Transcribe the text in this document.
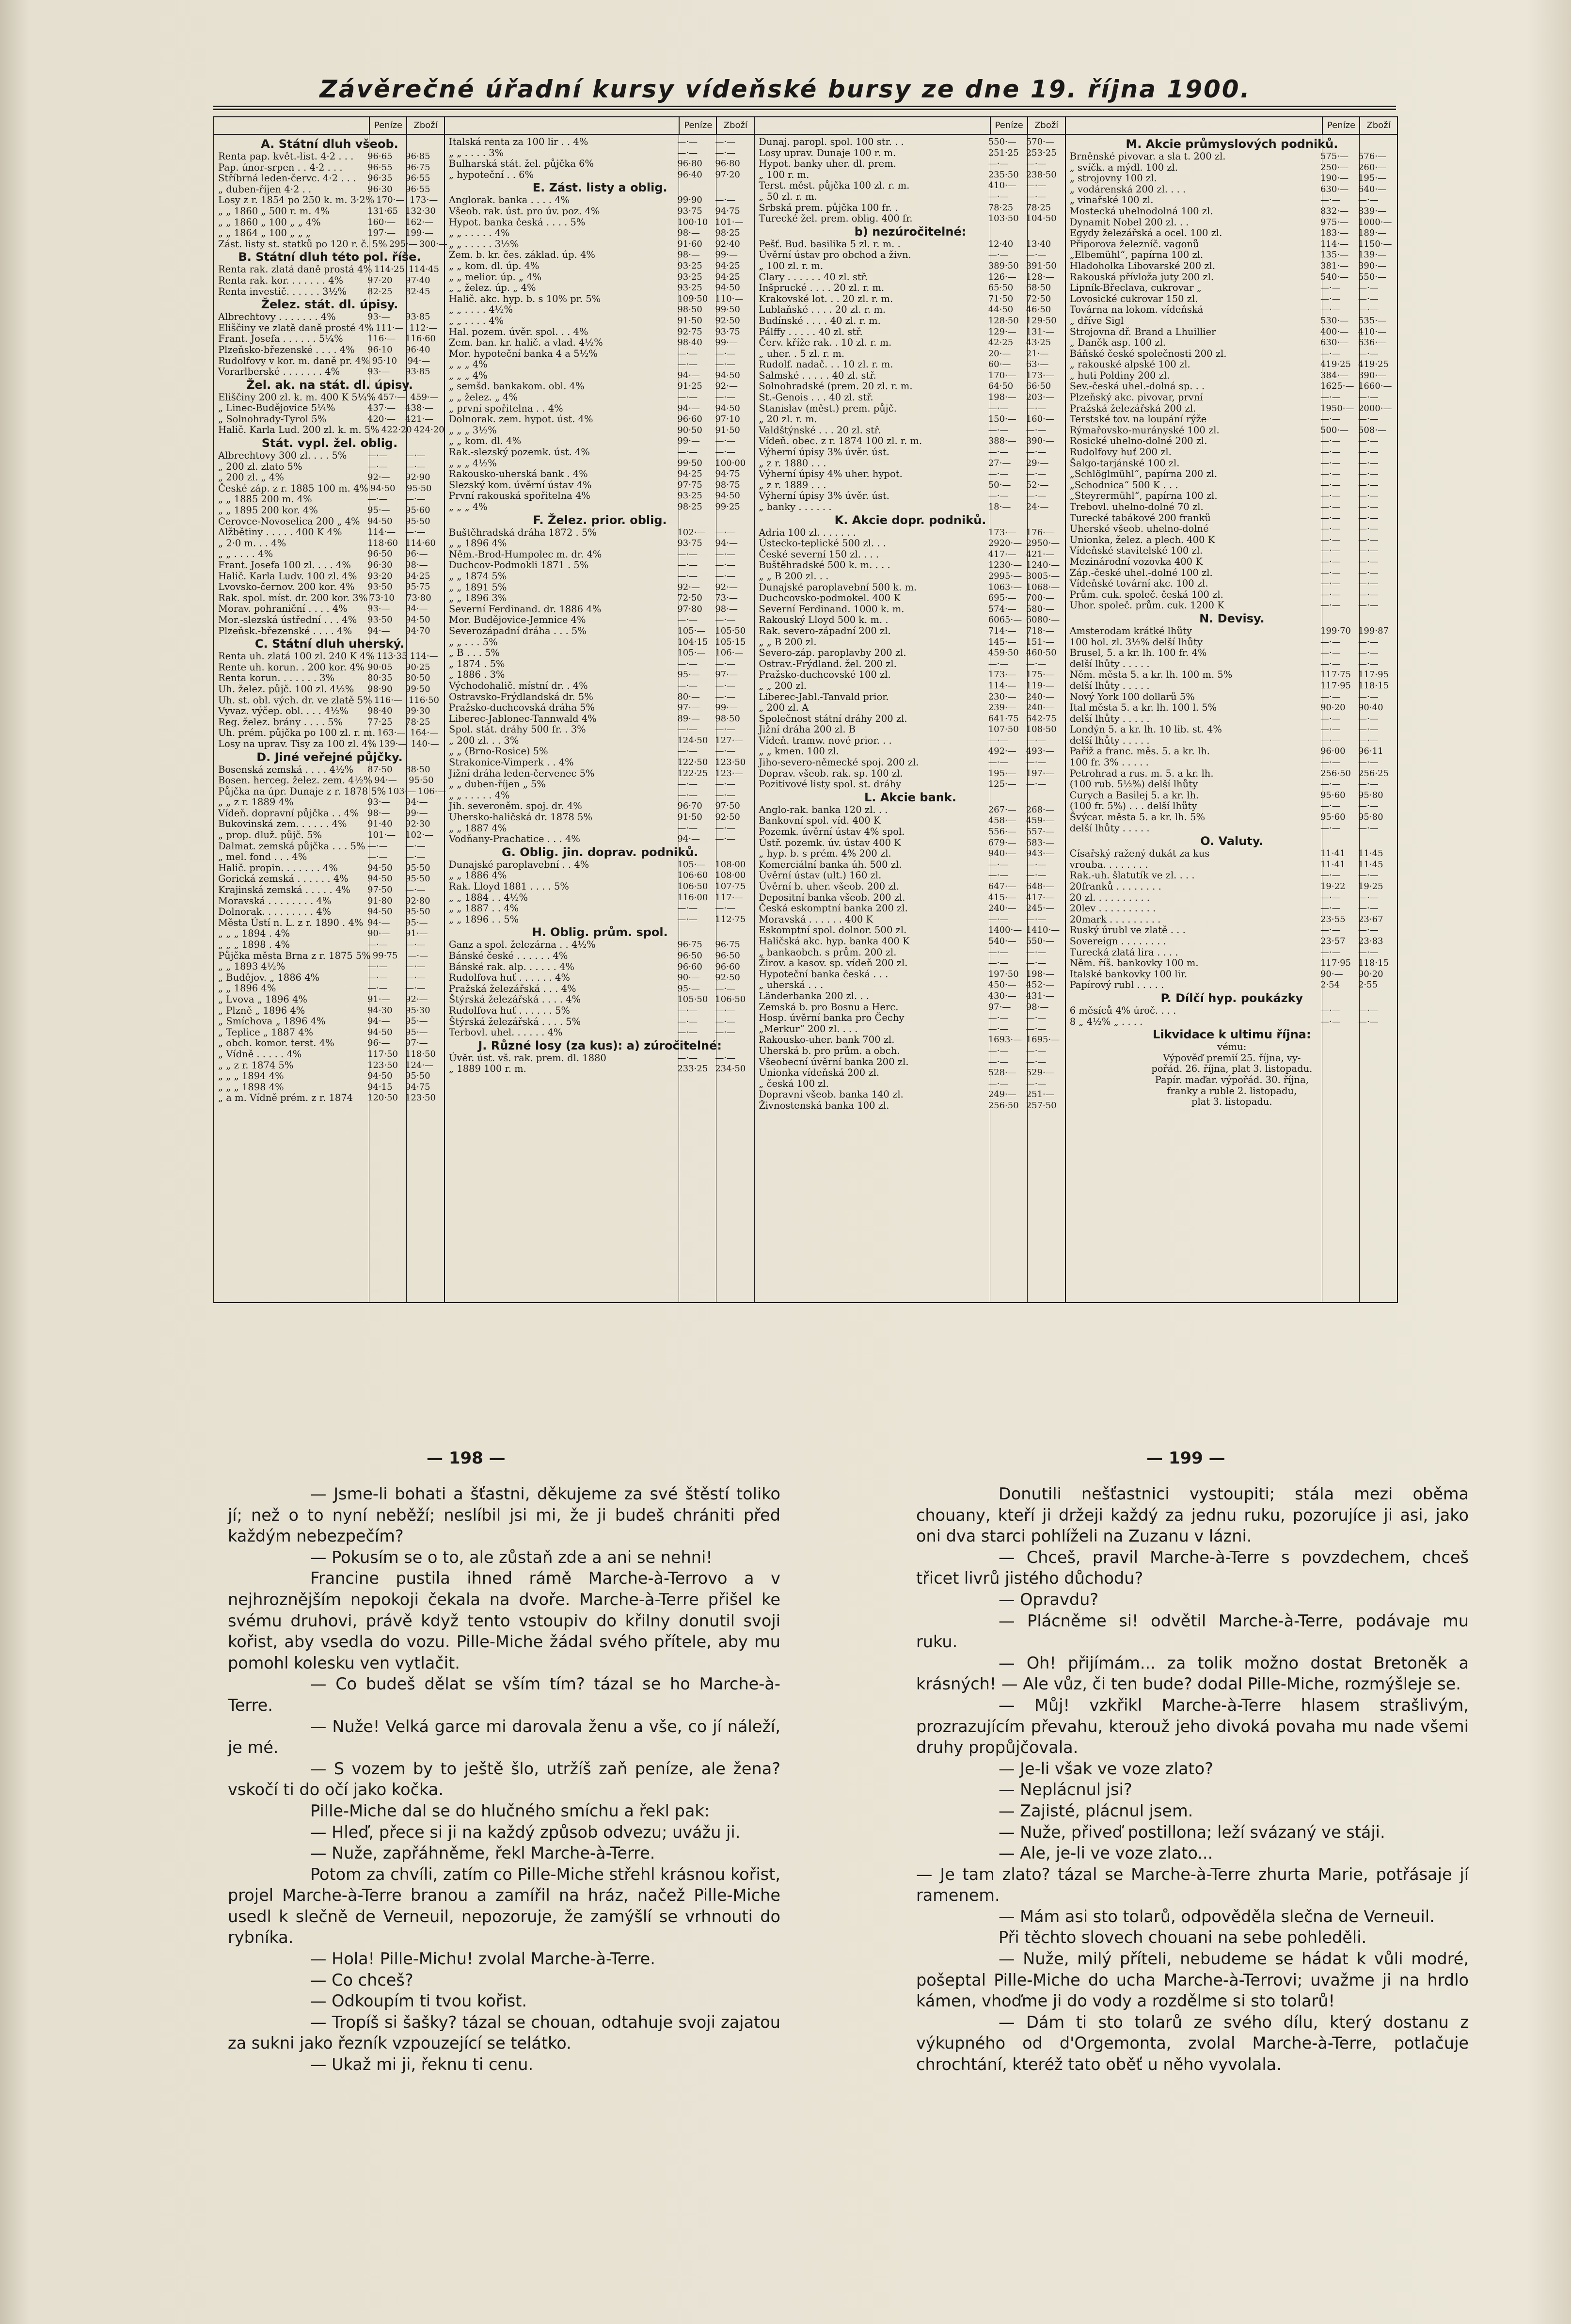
Závěrečné úřadní kursy vídeňské bursy ze dne 19. října 1900.
Peníze	Zboží
A. Státní dluh všeob.
Renta pap. květ.-list. 4·2 . . .	96·65	96·85
Pap. únor-srpen . . 4·2 . . .	96·55	96·75
Stříbrná leden-červc. 4·2 . . .	96·35	96·55
„ duben-říjen 4·2 . .	96·30	96·55
Losy z r. 1854 po 250 k. m. 3·2% 170·— 173·—
„ „ 1860 „ 500 r. m. 4%	131·65 132·30
„ „ 1860 „ 100 „ „ 4%	160·—	162·—
„ „ 1864 „ 100 „ „ „	197·—	199·—
Zást. listy st. statků po 120 r. č. 5% 295·— 300·—
B. Státní dluh této pol. říše.
Renta rak. zlatá daně prostá 4% 114·25 114·45
Renta rak. kor. . . . . . . 4%	97·20	97·40
Renta investič. . . . . . 3½%	82·25	82·45
Želez. stát. dl. úpisy.
Albrechtovy . . . . . . . 4%	93·—	93·85
Eliščiny ve zlatě daně prosté 4% 111·— 112·—
Frant. Josefa . . . . . . 5¼%	116·—	116·60
Plzeňsko-březenské . . . . 4%	96·10	96·40
Rudolfovy v kor. m. daně pr. 4% 95·10	94·—
Vorarlberské . . . . . . . 4%	93·—	93·85
Žel. ak. na stát. dl. úpisy.
Eliščiny 200 zl. k. m. 400 K 5¼% 457·— 459·—
„ Linec-Budějovice 5¼%	437·—	438·—
„ Solnohrady-Tyrol 5%	420·—	421·—
Halič. Karla Lud. 200 zl. k. m. 5% 422·20 424·20
Stát. vypl. žel. oblig.
Albrechtovy 300 zl. . . . 5%	—·—	—·—
„ 200 zl. zlato 5%	—·—	—·—
„ 200 zl. „ 4%	92·—	92·90
České záp. z r. 1885 100 m. 4% 94·50	95·50
„ „ 1885 200 m. 4%	—·—	—·—
„ „ 1895 200 kor. 4%	95·—	95·60
Cerovce-Novoselica 200 „ 4% 94·50	95·50
Alžbětiny . . . . . 400 K 4%	114·—	—·—
„ 2·0 m. . . 4%	118·60 114·60
„ „ . . . . 4%	96·50	96·—
Frant. Josefa 100 zl. . . . 4%	96·30	98·—
Halič. Karla Ludv. 100 zl. 4%	93·20	94·25
Lvovsko-černov. 200 kor. 4%	93·50	95·75
Rak. spol. míst. dr. 200 kor. 3% 73·10	73·80
Morav. pohraniční . . . . 4%	93·—	94·—
Mor.-slezská ústřední . . . 4%	93·50	94·50
Plzeňsk.-březenské . . . . 4%	94·—	94·70
C. Státní dluh uherský.
Renta uh. zlatá 100 zl. 240 K 4% 113·35 114·—
Rente uh. korun. . 200 kor. 4% 90·05	90·25
Renta korun. . . . . . . 3%	80·35	80·50
Uh. želez. půjč. 100 zl. 4½%	98·90	99·50
Uh. st. obl. vých. dr. ve zlatě 5% 116·— 116·50
Vyvaz. výčep. obl. . . . 4½%	98·40	99·30
Reg. želez. brány . . . . 5%	77·25	78·25
Uh. prém. půjčka po 100 zl. r. m. 163·— 164·—
Losy na uprav. Tisy za 100 zl. 4% 139·— 140·—
D. Jiné veřejné půjčky.
Bosenská zemská . . . . 4½%	87·50	88·50
Bosen. herceg. želez. zem. 4½% 94·—	95·50
Půjčka na úpr. Dunaje z r. 1878 5% 103·— 106·—
„ „ z r. 1889 4%	93·—	94·—
Vídeň. dopravní půjčka . . 4% 98·—	99·—
Bukovinská zem. . . . . . 4%	91·40	92·30
„ prop. dluž. půjč. 5%	101·—	102·—
Dalmat. zemská půjčka . . . 5% —·—	—·—
„ mel. fond . . . 4%	—·—	—·—
Halič. propin. . . . . . . 4%	94·50	95·50
Gorická zemská . . . . . . 4%	94·50	95·50
Krajinská zemská . . . . . 4%	97·50	—·—
Moravská . . . . . . . . 4%	91·80	92·80
Dolnorak. . . . . . . . . 4%	94·50	95·50
Města Ústí n. L. z r. 1890 . 4% 94·—	95·—
„ „ „ 1894 . 4%	90·—	91·—
„ „ „ 1898 . 4%	—·—	—·—
Půjčka města Brna z r. 1875 5% 99·75	—·—
„ „ 1893 4½%	—·—	—·—
„ Budějov. „ 1886 4%	—·—	—·—
„ „ 1896 4%	—·—	—·—
„ Lvova „ 1896 4%	91·—	92·—
„ Plzně „ 1896 4%	94·30	95·30
„ Smíchova „ 1896 4%	94·—	95·—
„ Teplice „ 1887 4%	94·50	95·—
„ obch. komor. terst. 4%	96·—	97·—
„ Vídně . . . . . 4%	117·50 118·50
„ „ z r. 1874 5%	123·50 124·—
„ „ „ 1894 4%	94·50	95·50
„ „ „ 1898 4%	94·15	94·75
„ a m. Vídně prém. z r. 1874	120·50 123·50
Peníze	Zboží
Italská renta za 100 lir . . 4%	—·—	—·—
„ „ . . . . 3%	—·—	—·—
Bulharská stát. žel. půjčka 6%	96·80	96·80
„ hypoteční . . 6%	96·40	97·20
E. Zást. listy a oblig.
Anglorak. banka . . . . 4%	99·90	—·—
Všeob. rak. úst. pro úv. poz. 4%	93·75	94·75
Hypot. banka česká . . . . 5%	100·10 101·—
„ „ . . . . . 4%	98·—	98·25
„ „ . . . . . 3½%	91·60	92·40
Zem. b. kr. čes. základ. úp. 4%	98·—	99·—
„ „ kom. dl. úp. 4%	93·25	94·25
„ „ melior. úp. „ 4%	93·25	94·25
„ „ želez. úp. „ 4%	93·25	94·50
Halič. akc. hyp. b. s 10% pr. 5%	109·50 110·—
„ „ . . . . 4½%	98·50	99·50
„ „ . . . . 4%	91·50	92·50
Hal. pozem. úvěr. spol. . . 4%	92·75	93·75
Zem. ban. kr. halič. a vlad. 4½%	98·40	99·—
Mor. hypoteční banka 4 a 5½%	—·—	—·—
„ „ „ 4%	—·—	—·—
„ „ „ 4%	94·—	94·50
„ semšd. bankakom. obl. 4%	91·25	92·—
„ „ želez. „ 4%	—·—	—·—
„ první spořitelna . . 4%	94·—	94·50
Dolnorak. zem. hypot. úst. 4%	96·60	97·10
„ „ „ 3½%	90·50	91·50
„ „ kom. dl. 4%	99·—	—·—
Rak.-slezský pozemk. úst. 4%	—·—	—·—
„ „ „ 4½%	99·50	100·00
Rakousko-uherská bank . 4%	94·25	94·75
Slezský kom. úvěrní ústav 4%	97·75	98·75
První rakouská spořitelna 4%	93·25	94·50
„ „ „ 4%	98·25	99·25
F. Želez. prior. oblig.
Buštěhradská dráha 1872 . 5%	102·—	—·—
„ „ 1896 4%	93·75	94·—
Něm.-Brod-Humpolec m. dr. 4%	—·—	—·—
Duchcov-Podmokli 1871 . 5%	—·—	—·—
„ „ 1874 5%	—·—	—·—
„ „ 1891 5%	92·—	92·—
„ „ 1896 3%	72·50	73·—
Severní Ferdinand. dr. 1886 4%	97·80	98·—
Mor. Budějovice-Jemnice 4%	—·—	—·—
Severozápadní dráha . . . 5%	105·—	105·50
„ „ . . . 5%	104·15 105·15
„ B . . . 5%	105·—	106·—
„ 1874 . 5%	—·—	—·—
„ 1886 . 3%	95·—	97·—
Východohalič. místní dr. . 4%	—·—	—·—
Ostravsko-Frýdlandská dr. 5%	80·—	—·—
Pražsko-duchcovská dráha 5%	97·—	99·—
Liberec-Jablonec-Tannwald 4%	89·—	98·50
Spol. stát. dráhy 500 fr. . 3%	—·—	—·—
„ 200 zl. . . 3%	124·50 127·—
„ „ (Brno-Rosice) 5%	—·—	—·—
Strakonice-Vimperk . . 4%	122·50 123·50
Jižní dráha leden-červenec 5%	122·25 123·—
„ „ duben-říjen „ 5%	—·—	—·—
„ „ . . . . . 4%	—·—	—·—
Jih. severoněm. spoj. dr. 4%	96·70	97·50
Uhersko-haličská dr. 1878 5%	91·50	92·50
„ „ 1887 4%	—·—	—·—
Vodňany-Prachatice . . . 4%	94·—	—·—
G. Oblig. jin. doprav. podniků.
Dunajské paroplavební . . 4%	105·—	108·00
„ „ 1886 4%	106·60 108·00
Rak. Lloyd 1881 . . . . 5%	106·50 107·75
„ „ 1884 . . 4½%	116·00 117·—
„ „ 1887 . . 4%	—·—	—·—
„ „ 1896 . . 5%	—·—	112·75
H. Oblig. prům. spol.
Ganz a spol. železárna . . 4½%	96·75	96·75
Bánské české . . . . . . 4%	96·50	96·50
Bánské rak. alp. . . . . . 4%	96·60	96·60
Rudolfova huť . . . . . . 4%	90·—	92·50
Pražská železářská . . . 4%	95·—	—·—
Štýrská železářská . . . . 4%	105·50 106·50
Rudolfova huť . . . . . . 5%	—·—	—·—
Štýrská železářská . . . . 5%	—·—	—·—
Terbovl. uhel. . . . . . 4%	—·—	—·—
J. Různé losy (za kus): a) zúročitelné:
Úvěr. úst. vš. rak. prem. dl. 1880	—·—	—·—
„ 1889 100 r. m.	233·25 234·50
Peníze	Zboží
Dunaj. paropl. spol. 100 str. . .	550·—	570·—
Losy uprav. Dunaje 100 r. m.	251·25 253·25
Hypot. banky uher. dl. prem.	—·—	—·—
„ 100 r. m.	235·50 238·50
Terst. měst. půjčka 100 zl. r. m.	410·—	—·—
„ 50 zl. r. m.	—·—	—·—
Srbská prem. půjčka 100 fr. .	78·25	78·25
Turecké žel. prem. oblig. 400 fr.	103·50 104·50
b) nezúročitelné:
Pešť. Bud. basilika 5 zl. r. m. .	12·40	13·40
Úvěrní ústav pro obchod a živn.	—·—	—·—
„ 100 zl. r. m.	389·50 391·50
Clary . . . . . . 40 zl. stř.	126·—	128·—
Inšprucké . . . . 20 zl. r. m.	65·50	68·50
Krakovské lot. . . 20 zl. r. m.	71·50	72·50
Lublaňské . . . . 20 zl. r. m.	44·50	46·50
Budínské . . . . 40 zl. r. m.	128·50 129·50
Pálffy . . . . . 40 zl. stř.	129·—	131·—
Červ. kříže rak. . 10 zl. r. m.	42·25	43·25
„ uher. . 5 zl. r. m.	20·—	21·—
Rudolf. nadač. . . 10 zl. r. m.	60·—	63·—
Salmské . . . . . 40 zl. stř.	170·—	173·—
Solnohradské (prem. 20 zl. r. m.	64·50	66·50
St.-Genois . . . 40 zl. stř.	198·—	203·—
Stanislav (měst.) prem. půjč.	—·—	—·—
„ 20 zl. r. m.	150·—	160·—
Valdštýnské . . . 20 zl. stř.	—·—	—·—
Vídeň. obec. z r. 1874 100 zl. r. m.	388·—	390·—
Výherní úpisy 3% úvěr. úst.	—·—	—·—
„ z r. 1880 . . .	27·—	29·—
Výherní úpisy 4% uher. hypot.	—·—	—·—
„ z r. 1889 . . .	50·—	52·—
Výherní úpisy 3% úvěr. úst.	—·—	—·—
„ banky . . . . . .	18·—	24·—
K. Akcie dopr. podniků.
Adria 100 zl. . . . . . .	173·—	176·—
Ústecko-teplické 500 zl. . .	2920·— 2950·—
České severní 150 zl. . . .	417·—	421·—
Buštěhradské 500 k. m. . . .	1230·— 1240·—
„ „ B 200 zl. . .	2995·— 3005·—
Dunajské paroplavební 500 k. m.	1063·— 1068·—
Duchcovsko-podmokel. 400 K	695·—	700·—
Severní Ferdinand. 1000 k. m.	574·—	580·—
Rakouský Lloyd 500 k. m. .	6065·— 6080·—
Rak. severo-západní 200 zl.	714·—	718·—
„ „ B 200 zl.	145·—	151·—
Severo-záp. paroplavby 200 zl.	459·50 460·50
Ostrav.-Frýdland. žel. 200 zl.	—·—	—·—
Pražsko-duchcovské 100 zl.	173·—	175·—
„ „ 200 zl.	114·—	119·—
Liberec-Jabl.-Tanvald prior.	230·—	240·—
„ 200 zl. A	239·—	240·—
Společnost státní dráhy 200 zl.	641·75 642·75
Jižní dráha 200 zl. B	107·50 108·50
Vídeň. tramw. nové prior. . .	—·—	—·—
„ „ kmen. 100 zl.	492·—	493·—
Jiho-severo-německé spoj. 200 zl.	—·—	—·—
Doprav. všeob. rak. sp. 100 zl.	195·—	197·—
Pozitivové listy spol. st. dráhy	125·—	—·—
L. Akcie bank.
Anglo-rak. banka 120 zl. . .	267·—	268·—
Bankovní spol. víd. 400 K	458·—	459·—
Pozemk. úvěrní ústav 4% spol.	556·—	557·—
Ústř. pozemk. úv. ústav 400 K	679·—	683·—
„ hyp. b. s prém. 4% 200 zl.	940·—	943·—
Komerciální banka úh. 500 zl.	—·—	—·—
Úvěrní ústav (ult.) 160 zl.	—·—	—·—
Úvěrní b. uher. všeob. 200 zl.	647·—	648·—
Depositní banka všeob. 200 zl.	415·—	417·—
Česká eskomptní banka 200 zl.	240·—	245·—
Moravská . . . . . . 400 K	—·—	—·—
Eskomptní spol. dolnor. 500 zl.	1400·— 1410·—
Haličská akc. hyp. banka 400 K	540·—	550·—
„ bankaobch. s prům. 200 zl.	—·—	—·—
Žirov. a kasov. sp. vídeň 200 zl.	—·—	—·—
Hypoteční banka česká . . .	197·50 198·—
„ uherská . . .	450·—	452·—
Länderbanka 200 zl. . .	430·—	431·—
Zemská b. pro Bosnu a Herc.	97·—	98·—
Hosp. úvěrní banka pro Čechy	—·—	—·—
„Merkur“ 200 zl. . . .	—·—	—·—
Rakousko-uher. bank 700 zl.	1693·— 1695·—
Uherská b. pro prům. a obch.	—·—	—·—
Všeobecní úvěrní banka 200 zl.	—·—	—·—
Unionka vídeňská 200 zl.	528·—	529·—
„ česká 100 zl.	—·—	—·—
Dopravní všeob. banka 140 zl.	249·—	251·—
Živnostenská banka 100 zl.	256·50 257·50
Peníze	Zboží
M. Akcie průmyslových podniků.
Brněnské pivovar. a sla t. 200 zl.	575·—	576·—
„ svíčk. a mýdl. 100 zl.	250·—	260·—
„ strojovny 100 zl.	190·—	195·—
„ vodárenská 200 zl. . . .	630·—	640·—
„ vinařské 100 zl.	—·—	—·—
Mostecká uhelnodolná 100 zl.	832·—	839·—
Dynamit Nobel 200 zl. . .	975·—	1000·—
Egydy železářská a ocel. 100 zl.	183·—	189·—
Připorova železníč. vagonů	114·—	1150·—
„Elbemühl“, papírna 100 zl.	135·—	139·—
Hladoholka Libovarské 200 zl.	381·—	390·—
Rakouská přívloža juty 200 zl.	540·—	550·—
Lipník-Břeclava, cukrovar „	—·—	—·—
Lovosické cukrovar 150 zl.	—·—	—·—
Továrna na lokom. vídeňská	—·—	—·—
„ dříve Sigl	530·—	535·—
Strojovna dř. Brand a Lhuillier	400·—	410·—
„ Daněk asp. 100 zl.	630·—	636·—
Báňské české společnosti 200 zl.	—·—	—·—
„ rakouské alpské 100 zl.	419·25 419·25
„ huti Poldiny 200 zl.	384·—	390·—
Sev.-česká uhel.-dolná sp. . .	1625·— 1660·—
Plzeňský akc. pivovar, první	—·—	—·—
Pražská železářská 200 zl.	1950·— 2000·—
Terstské tov. na loupání rýže	—·—	—·—
Rýmařovsko-murányské 100 zl.	500·—	508·—
Rosické uhelno-dolné 200 zl.	—·—	—·—
Rudolfovy huť 200 zl.	—·—	—·—
Šalgo-tarjánské 100 zl.	—·—	—·—
„Schlöglmühl“, papírna 200 zl.	—·—	—·—
„Schodnica“ 500 K . . .	—·—	—·—
„Steyrermühl“, papírna 100 zl.	—·—	—·—
Trebovl. uhelno-dolné 70 zl.	—·—	—·—
Turecké tabákové 200 franků	—·—	—·—
Uherské všeob. uhelno-dolné	—·—	—·—
Unionka, želez. a plech. 400 K	—·—	—·—
Vídeňské stavitelské 100 zl.	—·—	—·—
Mezinárodní vozovka 400 K	—·—	—·—
Záp.-české uhel.-dolné 100 zl.	—·—	—·—
Vídeňské tovární akc. 100 zl.	—·—	—·—
Prům. cuk. společ. česká 100 zl.	—·—	—·—
Uhor. společ. prům. cuk. 1200 K	—·—	—·—
N. Devisy.
Amsterodam krátké lhůty	199·70 199·87
100 hol. zl. 3½% delší lhůty	—·—	—·—
Brusel, 5. a kr. lh. 100 fr. 4%	—·—	—·—
delší lhůty . . . . .	—·—	—·—
Něm. města 5. a kr. lh. 100 m. 5%	117·75 117·95
delší lhůty . . . . .	117·95 118·15
Nový York 100 dollarů 5%	—·—	—·—
Ital města 5. a kr. lh. 100 l. 5%	90·20	90·40
delší lhůty . . . . .	—·—	—·—
Londýn 5. a kr. lh. 10 lib. st. 4%	—·—	—·—
delší lhůty . . . . .	—·—	—·—
Paříž a franc. měs. 5. a kr. lh.	96·00	96·11
100 fr. 3% . . . . .	—·—	—·—
Petrohrad a rus. m. 5. a kr. lh.	256·50 256·25
(100 rub. 5½%) delší lhůty	—·—	—·—
Curych a Basilej 5. a kr. lh.	95·60	95·80
(100 fr. 5%) . . . delší lhůty	—·—	—·—
Švýcar. města 5. a kr. lh. 5%	95·60	95·80
delší lhůty . . . . .	—·—	—·—
O. Valuty.
Císařský ražený dukát za kus	11·41	11·45
vrouba. . . . . . . .	11·41	11·45
Rak.-uh. šlatutík ve zl. . . .	—·—	—·—
20franků . . . . . . . .	19·22	19·25
20 zl. . . . . . . . . .	—·—	—·—
20lev . . . . . . . . . .	—·—	—·—
20mark . . . . . . . . .	23·55	23·67
Ruský úrubl ve zlatě . . .	—·—	—·—
Sovereign . . . . . . . .	23·57	23·83
Turecká zlatá lira . . . .	—·—	—·—
Něm. říš. bankovky 100 m.	117·95 118·15
Italské bankovky 100 lir.	90·—	90·20
Papírový rubl . . . . .	2·54	2·55
P. Dílčí hyp. poukázky
6 měsíců 4% úroč. . . .	—·—	—·—
8 „ 4½% „ . . . .	—·—	—·—
Likvidace k ultimu října:
vému:
Výpověď premií 25. října, vy-
pořád. 26. října, plat 3. listopadu.
Papír. maďar. výpořád. 30. října,
franky a ruble 2. listopadu,
plat 3. listopadu.
— 198 —	— 199 —

— Jsme-li bohati a šťastni, děkujeme za své štěstí toliko jí; než o to nyní neběží; neslíbil jsi mi, že ji budeš chrániti před každým nebezpečím?

— Pokusím se o to, ale zůstaň zde a ani se nehni!

Francine pustila ihned rámě Marche-à-Terrovo a v nejhroznějším nepokoji čekala na dvoře. Marche-à-Terre přišel ke svému druhovi, právě když tento vstoupiv do křilny donutil svoji kořist, aby vsedla do vozu. Pille-Miche žádal svého přítele, aby mu pomohl kolesku ven vytlačit.

— Co budeš dělat se vším tím? tázal se ho Marche-à-Terre.

— Nuže! Velká garce mi darovala ženu a vše, co jí náleží, je mé.

— S vozem by to ještě šlo, utržíš zaň peníze, ale žena? vskočí ti do očí jako kočka.

Pille-Miche dal se do hlučného smíchu a řekl pak:

— Hleď, přece si ji na každý způsob odvezu; uvážu ji.

— Nuže, zapřáhněme, řekl Marche-à-Terre.

Potom za chvíli, zatím co Pille-Miche střehl krásnou kořist, projel Marche-à-Terre branou a zamířil na hráz, načež Pille-Miche usedl k slečně de Verneuil, nepozoruje, že zamýšlí se vrhnouti do rybníka.

— Hola! Pille-Michu! zvolal Marche-à-Terre.

— Co chceš?

— Odkoupím ti tvou kořist.

— Tropíš si šašky? tázal se chouan, odtahuje svoji zajatou za sukni jako řezník vzpouzející se telátko.

— Ukaž mi ji, řeknu ti cenu.

Donutili nešťastnici vystoupiti; stála mezi oběma chouany, kteří ji držeji každý za jednu ruku, pozorujíce ji asi, jako oni dva starci pohlíželi na Zuzanu v lázni.

— Chceš, pravil Marche-à-Terre s povzdechem, chceš třicet livrů jistého důchodu?

— Opravdu?

— Plácněme si! odvětil Marche-à-Terre, podávaje mu ruku.

— Oh! přijímám... za tolik možno dostat Bretoněk a krásných! — Ale vůz, či ten bude? dodal Pille-Miche, rozmýšleje se.

— Můj! vzkřikl Marche-à-Terre hlasem strašlivým, prozrazujícím převahu, kterouž jeho divoká povaha mu nade všemi druhy propůjčovala.

— Je-li však ve voze zlato?

— Neplácnul jsi?

— Zajisté, plácnul jsem.

— Nuže, přiveď postillona; leží svázaný ve stáji.

— Ale, je-li ve voze zlato...

— Je tam zlato? tázal se Marche-à-Terre zhurta Marie, potřásaje jí ramenem.

— Mám asi sto tolarů, odpověděla slečna de Verneuil.

Při těchto slovech chouani na sebe pohleděli.

— Nuže, milý příteli, nebudeme se hádat k vůli modré, pošeptal Pille-Miche do ucha Marche-à-Terrovi; uvažme ji na hrdlo kámen, vhoďme ji do vody a rozdělme si sto tolarů!

— Dám ti sto tolarů ze svého dílu, který dostanu z výkupného od d'Orgemonta, zvolal Marche-à-Terre, potlačuje chrochtání, kteréž tato oběť u něho vyvolala.
